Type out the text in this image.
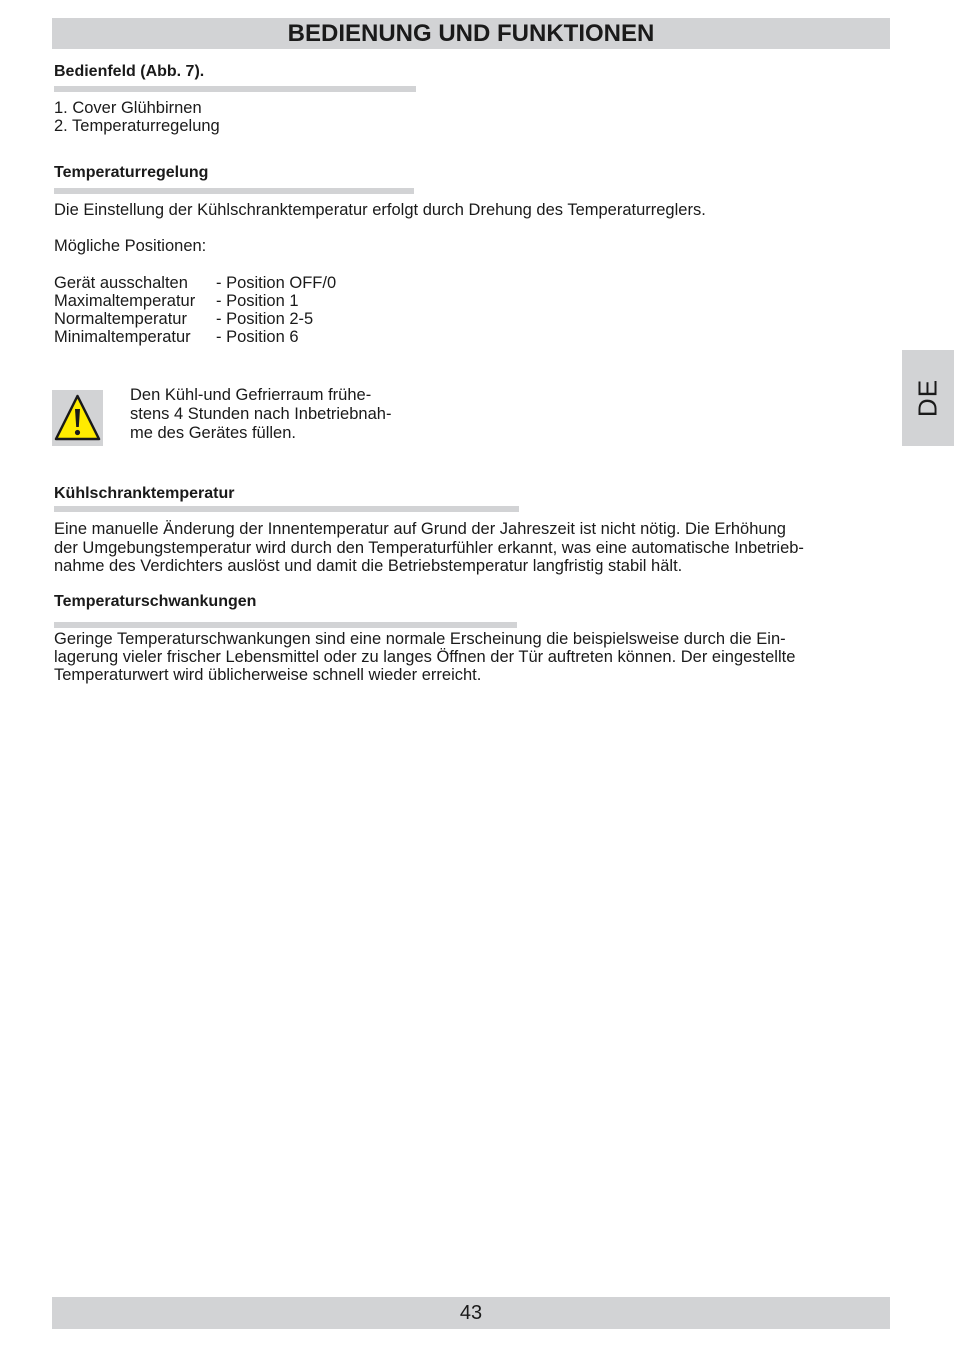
BEDIENUNG UND FUNKTIONEN

Bedienfeld (Abb. 7).

1. Cover Glühbirnen

2. Temperaturregelung

Temperaturregelung

Die Einstellung der Kühlschranktemperatur erfolgt durch Drehung des Temperaturreglers.

Mögliche Positionen:

Gerät ausschalten	- Position OFF/0
Maximaltemperatur	- Position 1
Normaltemperatur	- Position 2-5
Minimaltemperatur	- Position 6

Den Kühl-und Gefrierraum frühe-
stens 4 Stunden nach Inbetriebnah-
me des Gerätes füllen.

DE

Kühlschranktemperatur

Eine manuelle Änderung der Innentemperatur auf Grund der Jahreszeit ist nicht nötig. Die Erhöhung

der Umgebungstemperatur wird durch den Temperaturfühler erkannt, was eine automatische Inbetrieb-

nahme des Verdichters auslöst und damit die Betriebstemperatur langfristig stabil hält.

Temperaturschwankungen

Geringe Temperaturschwankungen sind eine normale Erscheinung die beispielsweise durch die Ein-

lagerung vieler frischer Lebensmittel oder zu langes Öffnen der Tür auftreten können. Der eingestellte

Temperaturwert wird üblicherweise schnell wieder erreicht.

43
